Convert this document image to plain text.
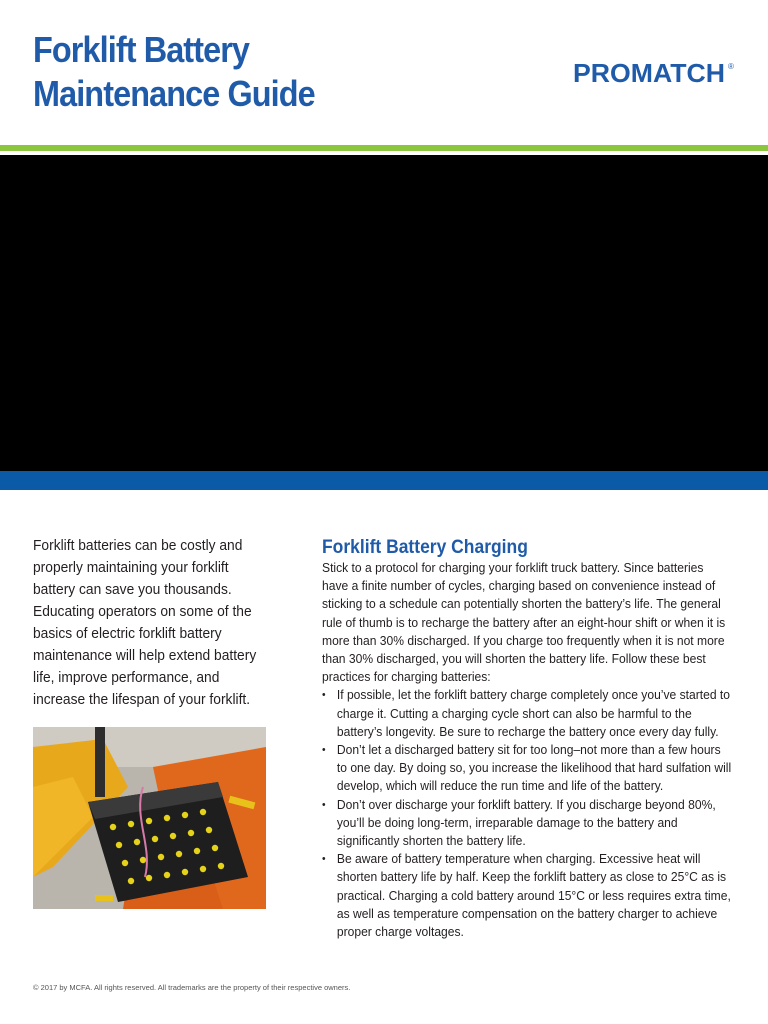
Forklift Battery
Maintenance Guide	PROMATCH ®

Forklift batteries can be costly and properly maintaining your forklift battery can save you thousands. Educating operators on some of the basics of electric forklift battery maintenance will help extend battery life, improve performance, and increase the lifespan of your forklift.

Forklift Battery Charging

Stick to a protocol for charging your forklift truck battery. Since batteries have a finite number of cycles, charging based on convenience instead of sticking to a schedule can potentially shorten the battery’s life. The general rule of thumb is to recharge the battery after an eight-hour shift or when it is more than 30% discharged. If you charge too frequently when it is not more than 30% discharged, you will shorten the battery life. Follow these best practices for charging batteries:

• If possible, let the forklift battery charge completely once you’ve started to charge it. Cutting a charging cycle short can also be harmful to the battery’s longevity. Be sure to recharge the battery once every day fully.
• Don’t let a discharged battery sit for too long–not more than a few hours to one day. By doing so, you increase the likelihood that hard sulfation will develop, which will reduce the run time and life of the battery.
• Don’t over discharge your forklift battery. If you discharge beyond 80%, you’ll be doing long-term, irreparable damage to the battery and significantly shorten the battery life.
• Be aware of battery temperature when charging. Excessive heat will shorten battery life by half. Keep the forklift battery as close to 25°C as is practical. Charging a cold battery around 15°C or less requires extra time, as well as temperature compensation on the battery charger to achieve proper charge voltages.

© 2017 by MCFA. All rights reserved. All trademarks are the property of their respective owners.
